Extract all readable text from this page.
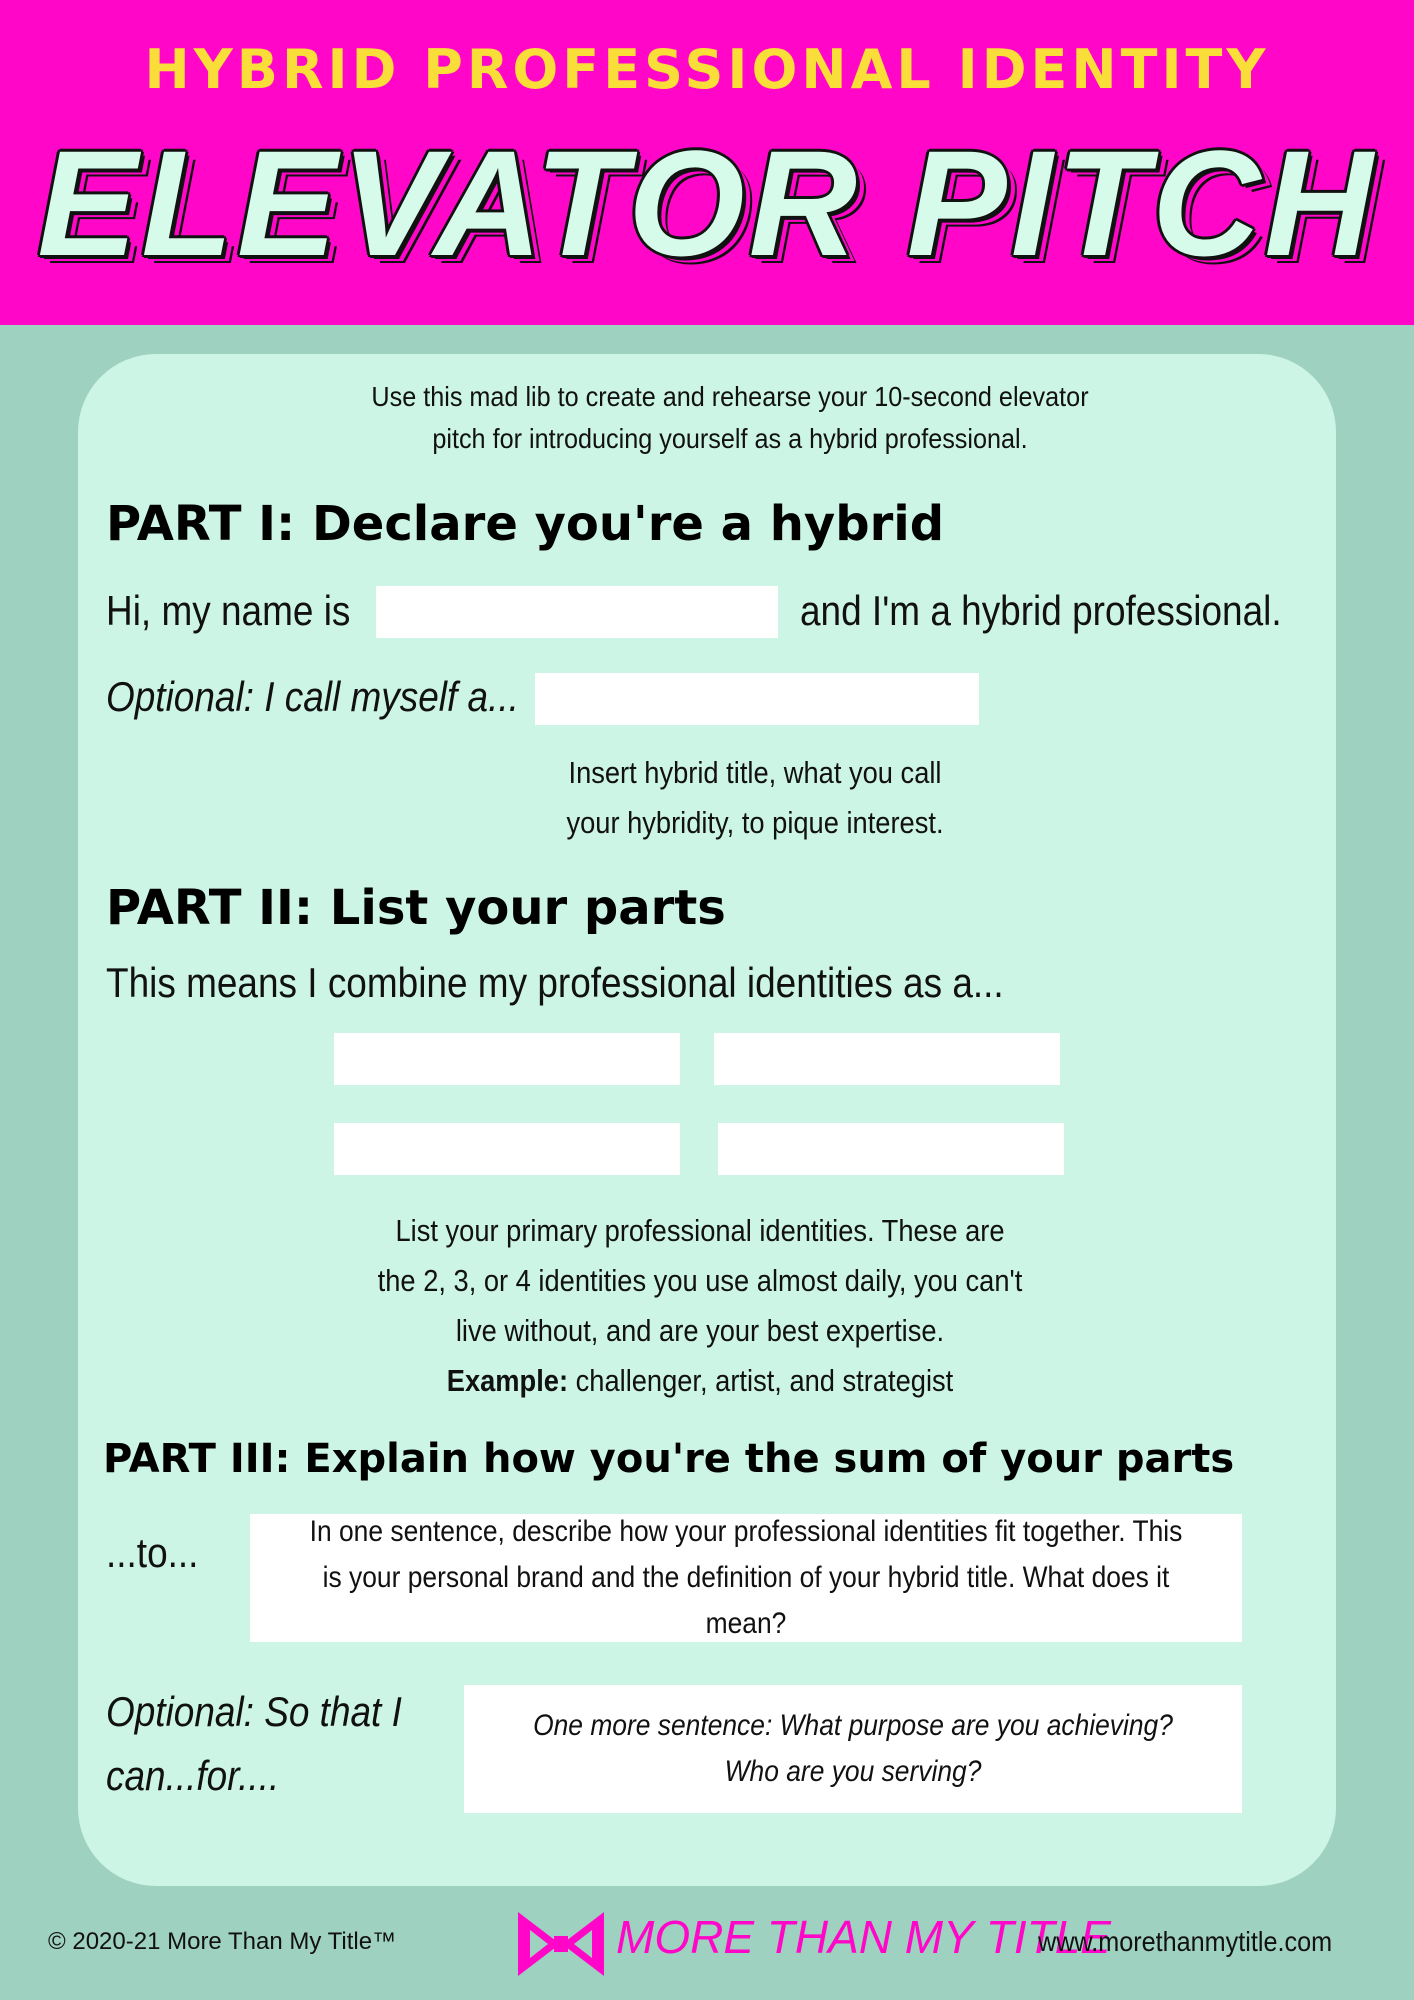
HYBRID PROFESSIONAL IDENTITY
ELEVATOR PITCH
Use this mad lib to create and rehearse your 10-second elevator pitch for introducing yourself as a hybrid professional.
PART I: Declare you're a hybrid
Hi, my name is	and I'm a hybrid professional.
Optional: I call myself a...
Insert hybrid title, what you call your hybridity, to pique interest.
PART II: List your parts
This means I combine my professional identities as a...
List your primary professional identities. These are the 2, 3, or 4 identities you use almost daily, you can't live without, and are your best expertise.
Example: challenger, artist, and strategist
PART III: Explain how you're the sum of your parts
...to...	In one sentence, describe how your professional identities fit together. This is your personal brand and the definition of your hybrid title. What does it mean?
Optional: So that I can...for....
One more sentence: What purpose are you achieving? Who are you serving?
© 2020-21 More Than My Title™	MORE THAN MY TITLE
www.morethanmytitle.com
